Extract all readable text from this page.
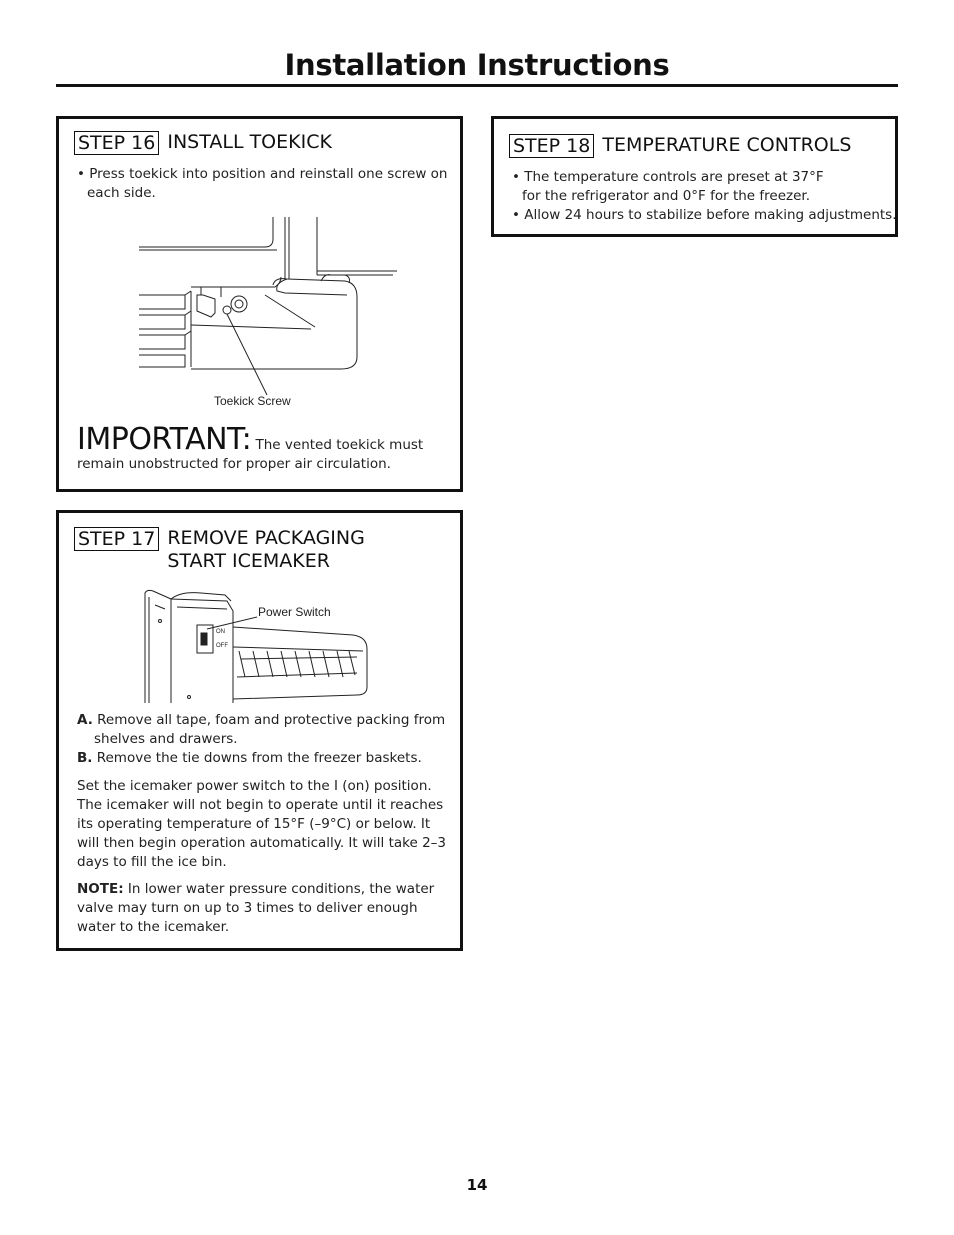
Installation Instructions
STEP 16 INSTALL TOEKICK
• Press toekick into position and reinstall one screw on each side.
Toekick Screw
IMPORTANT: The vented toekick must remain unobstructed for proper air circulation.
STEP 17 REMOVE PACKAGING
START ICEMAKER
Power Switch
ON
OFF
A. Remove all tape, foam and protective packing from shelves and drawers.
B. Remove the tie downs from the freezer baskets.
Set the icemaker power switch to the I (on) position. The icemaker will not begin to operate until it reaches its operating temperature of 15°F (–9°C) or below. It will then begin operation automatically. It will take 2–3 days to fill the ice bin.
NOTE: In lower water pressure conditions, the water valve may turn on up to 3 times to deliver enough water to the icemaker.
STEP 18 TEMPERATURE CONTROLS
• The temperature controls are preset at 37°F
for the refrigerator and 0°F for the freezer.
• Allow 24 hours to stabilize before making adjustments.
14
